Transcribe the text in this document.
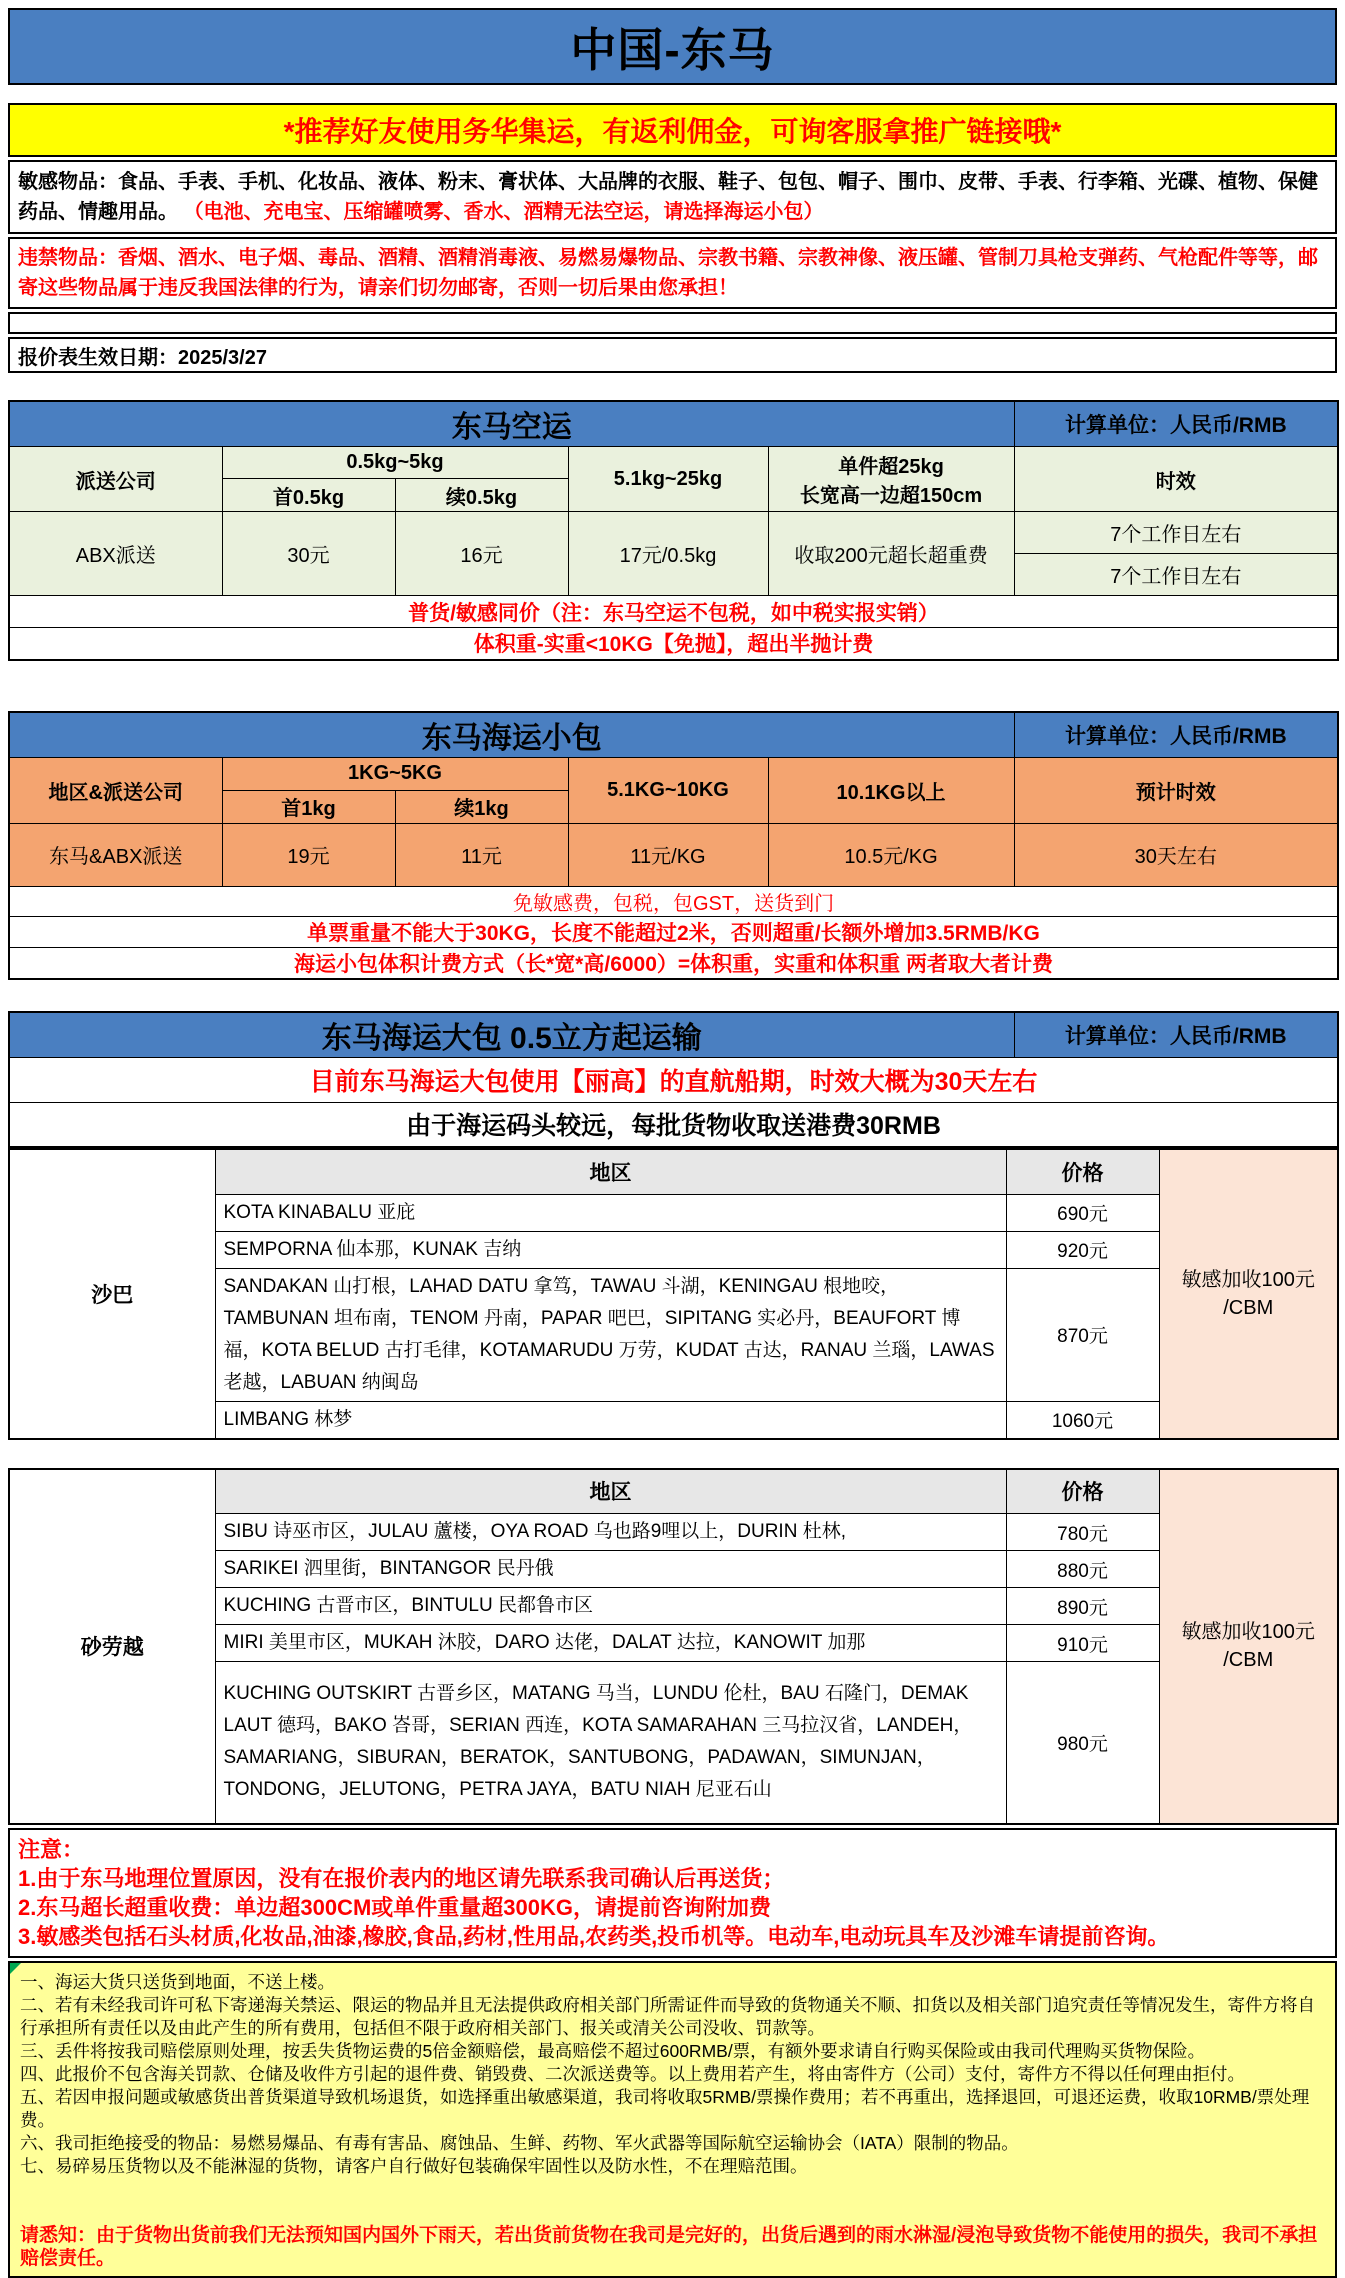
中国-东马
*推荐好友使用务华集运，有返利佣金，可询客服拿推广链接哦*
敏感物品：食品、手表、手机、化妆品、液体、粉末、膏状体、大品牌的衣服、鞋子、包包、帽子、围巾、皮带、手表、行李箱、光碟、植物、保健药品、情趣用品。 （电池、充电宝、压缩罐喷雾、香水、酒精无法空运，请选择海运小包）
违禁物品：香烟、酒水、电子烟、毒品、酒精、酒精消毒液、易燃易爆物品、宗教书籍、宗教神像、液压罐、管制刀具枪支弹药、气枪配件等等，邮寄这些物品属于违反我国法律的行为，请亲们切勿邮寄，否则一切后果由您承担！
报价表生效日期：2025/3/27
东马空运					计算单位：人民币/RMB
派送公司	0.5kg~5kg		5.1kg~25kg	单件超25kg
长宽高一边超150cm	时效
	首0.5kg	续0.5kg			
ABX派送	30元	16元	17元/0.5kg	收取200元超长超重费	7个工作日左右
					7个工作日左右
普货/敏感同价（注：东马空运不包税，如中税实报实销）					
体积重-实重<10KG【免抛】，超出半抛计费					
东马海运小包					计算单位：人民币/RMB
地区&派送公司	1KG~5KG		5.1KG~10KG	10.1KG以上	预计时效
	首1kg	续1kg			
东马&ABX派送	19元	11元	11元/KG	10.5元/KG	30天左右
免敏感费，包税，包GST，送货到门					
单票重量不能大于30KG，长度不能超过2米，否则超重/长额外增加3.5RMB/KG					
海运小包体积计费方式（长*宽*高/6000）=体积重，实重和体积重 两者取大者计费					
东马海运大包 0.5立方起运输	计算单位：人民币/RMB
目前东马海运大包使用【丽高】的直航船期，时效大概为30天左右
由于海运码头较远，每批货物收取送港费30RMB
沙巴	地区	价格	敏感加收100元
/CBM

	KOTA KINABALU 亚庇	690元	
	SEMPORNA 仙本那，KUNAK 吉纳	920元	
	SANDAKAN 山打根，LAHAD DATU 拿笃，TAWAU 斗湖，KENINGAU 根地咬，TAMBUNAN 坦布南，TENOM 丹南，PAPAR 吧巴，SIPITANG 实必丹，BEAUFORT 博福，KOTA BELUD 古打毛律，KOTAMARUDU 万劳，KUDAT 古达，RANAU 兰瑙，LAWAS 老越，LABUAN 纳闽岛	870元	
	LIMBANG 林梦	1060元	
砂劳越	地区	价格	敏感加收100元
/CBM

	SIBU 诗巫市区，JULAU 蘆楼，OYA ROAD 乌也路9哩以上，DURIN 杜林,	780元	
	SARIKEI 泗里街，BINTANGOR 民丹俄	880元	
	KUCHING 古晋市区，BINTULU 民都鲁市区	890元	
	MIRI 美里市区，MUKAH 沐胶，DARO 达佬，DALAT 达拉，KANOWIT 加那	910元	
	KUCHING OUTSKIRT 古晋乡区，MATANG 马当，LUNDU 伦杜，BAU 石隆门，DEMAK LAUT 德玛，BAKO 峇哥，SERIAN 西连，KOTA SAMARAHAN 三马拉汉省，LANDEH，SAMARIANG，SIBURAN，BERATOK，SANTUBONG，PADAWAN，SIMUNJAN，TONDONG，JELUTONG，PETRA JAYA，BATU NIAH 尼亚石山	980元	
注意：
1.由于东马地理位置原因，没有在报价表内的地区请先联系我司确认后再送货；
2.东马超长超重收费：单边超300CM或单件重量超300KG，请提前咨询附加费
3.敏感类包括石头材质,化妆品,油漆,橡胶,食品,药材,性用品,农药类,投币机等。电动车,电动玩具车及沙滩车请提前咨询。
一、海运大货只送货到地面，不送上楼。
二、若有未经我司许可私下寄递海关禁运、限运的物品并且无法提供政府相关部门所需证件而导致的货物通关不顺、扣货以及相关部门追究责任等情况发生，寄件方将自行承担所有责任以及由此产生的所有费用，包括但不限于政府相关部门、报关或清关公司没收、罚款等。
三、丢件将按我司赔偿原则处理，按丢失货物运费的5倍金额赔偿，最高赔偿不超过600RMB/票，有额外要求请自行购买保险或由我司代理购买货物保险。
四、此报价不包含海关罚款、仓储及收件方引起的退件费、销毁费、二次派送费等。以上费用若产生，将由寄件方（公司）支付，寄件方不得以任何理由拒付。
五、若因申报问题或敏感货出普货渠道导致机场退货，如选择重出敏感渠道，我司将收取5RMB/票操作费用；若不再重出，选择退回，可退还运费，收取10RMB/票处理费。
六、我司拒绝接受的物品：易燃易爆品、有毒有害品、腐蚀品、生鲜、药物、军火武器等国际航空运输协会（IATA）限制的物品。
七、易碎易压货物以及不能淋湿的货物，请客户自行做好包装确保牢固性以及防水性，不在理赔范围。
请悉知：由于货物出货前我们无法预知国内国外下雨天，若出货前货物在我司是完好的，出货后遇到的雨水淋湿/浸泡导致货物不能使用的损失，我司不承担赔偿责任。
